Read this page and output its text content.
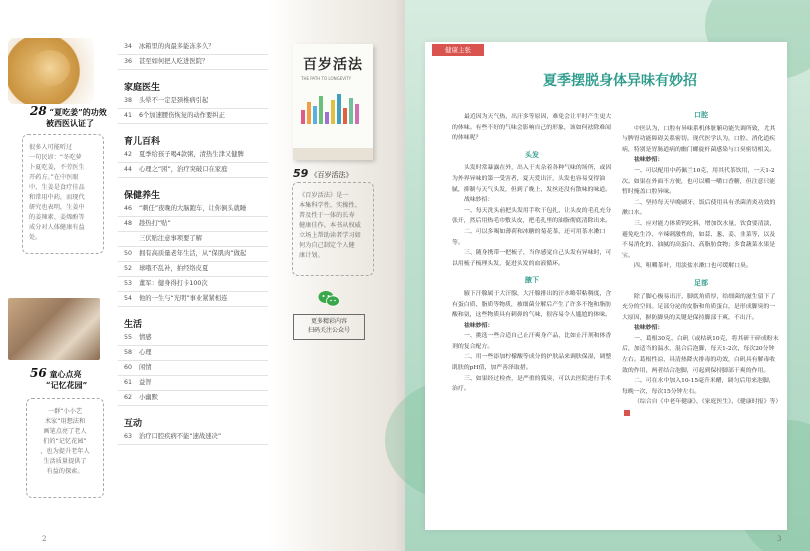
28 “夏吃姜”的功效
被西医认证了
很多人可能听过
一句民谚：“冬吃萝
卜夏吃姜，不劳医生
开药方。”在中医眼
中，生姜是食疗佳品
和常用中药，而现代
研究也表明，生姜中
的姜辣素、姜烯酚等
成分对人体健康有益
处。
56 童心点亮
“记忆花园”
一群“小小艺
术家”用想法和
画笔点亮了老人
们的“记忆花园”
，也为提升老年人
生活质量提供了
有益的探索。
34 冰箱里的肉最多能冻多久？
36 甚至如何把人吃进医院？
家庭医生
38 头晕不一定是颈椎病引起
41 6个加速腰伤恢复的动作要纠正
育儿百科
42 夏季给孩子喝4款粥，清热生津又健脾
44 心理之“困”，治疗突破口在家庭
保健养生
46 “刺任”夜晚的大脑跑车，让你倒头就睡
48 趁热打“贴”
三伏贴注意事项要了解
50 拥有高质量老年生活，从“保肌肉”做起
52 球哦不乱补，拍经络皮夏
53 董军：健身得打卡100次
54 他的一生与“光明”事业紧紧相连
生活
55 情感
58 心理
60 闲情
61 益智
62 小幽默
互动
63 治疗口腔疾病不能“速战速决”
2
百岁活法
THE PATH TO LONGEVITY
59 《百岁活法》
《百岁活法》是一
本集科学性、实操性、
普及性于一体的长寿
健康佳作。本书从权威
立场上帮助读者学习如
何为自己制定个人健
康计划。
更多精彩内容
扫码关注公众号
健康主张
夏季摆脱身体异味有妙招

最近因为天气热，出汗多等原因，难免会让平时产生更大的体味。有些不好的气味会影响自己的形象，该如何祛除难闻的体味呢？

头发

头发时常暴露在外，出入于夹杂着各种气味的场所，或因为外界异味的第一受害者，夏天爱出汗，头发也容易变得油腻，抑制与天气头发，但到了晚上，发丝还没有散味的味道。

战味妙招：

一、每天洗头前把头发用手吹干包扎，让头皮的毛孔充分张开，然后用热毛巾敷头皮，把毛孔里的油脂彻底清除出来。

二、可以多喝如薄荷和冰糖的菊花茶，还可用茶水漱口等。

三、随身携带一把梳子，当你感觉自己头发有异味时，可以用梳子梳理头发，促进头发的血液循环。

腋下

腋下汗腺属于大汗腺，大汗腺排出的汗水略带粘稠度，含有蛋白质、脂质等物质，被细菌分解后产生了许多不饱和脂肪酸和氨，这些物质具有刺鼻的气味，很容易令人尴尬的体味。

祛味妙招：

一、挑选一些合适自己止汗爽身产品，比如止汗剂和体香剂的复合配方。

二、用一些添加柠檬酸等成分的护肤品来调肤保湿，调整肌肤的pH值，加严善泽取措。

三、如果经过检查，是严重的狐臭，可以去医院进行手术治疗。

口腔

中医认为，口腔有异味系机体脏腑功能失调所致，尤其与脾胃功能障碍关系密切。现代医学认为，口腔、消化道疾病，特别是胃肠道病的幽门螺旋杆菌感染与口臭密切相关。

祛味妙招：

一、可以配用中药佩兰10克，用其代茶饮用，一天1-2次。如果在外面不方便，也可以嚼一嚼口香糖，但注意只能暂时掩盖口腔异味。

二、坚持每天早晚刷牙，饭后使用具有杀菌消炎功效的漱口水。

三、应对能力体质钙吃料，增加饮水量，饮食要清淡，避免吃生冷、辛辣刺激性的，如蒜、葱、姜、韭菜等，以及不易消化的、油腻的高蛋白、高脂肪食物；多食蔬菜水果是宝。

四、咀嚼茶叶，用淡盐水漱口也可缓解口臭。

足部

除了脚心极易出汗，脚底角质厚，给细菌的滋生留下了充分的空间。足部分泌的皮脂和角质蛋白，是形成脚臭的一大原因，摒防脚臭的关键是保持脚部干爽，不出汗。

祛味妙招：

一、葛根30克、白矾（或枯矾10克，将其研干碎成粉末后，加适当的温水，混合后泡脚，每天1-2次，每次20分钟左右。葛根性凉，具清热降火排毒的功效，白矾具有解毒收敛的作用，两者结合泡脚，可起到保持脚部干爽的作用。

二、可在水中加入10-15毫升米醋，调匀后用来泡脚，每晚一次，每次15分钟左右。

（综合自《中老年健康》、《家庭医生》、《健康时报》等）

3
